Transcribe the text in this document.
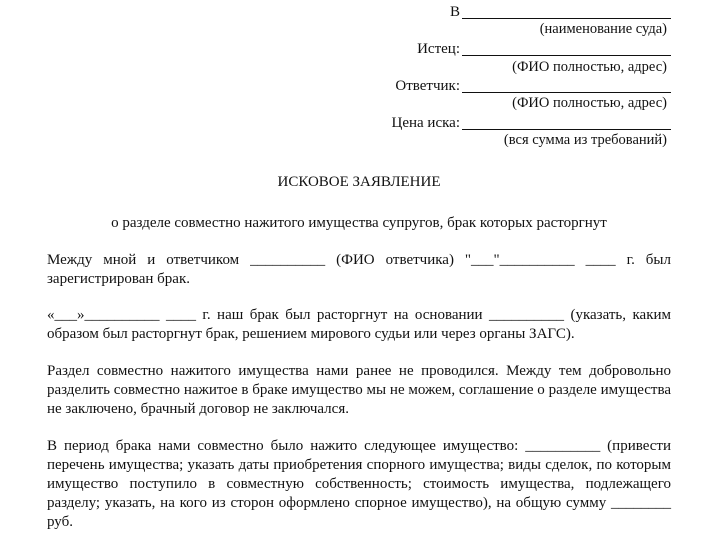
В
(наименование суда)
Истец:
(ФИО полностью, адрес)
Ответчик:
(ФИО полностью, адрес)
Цена иска:
(вся сумма из требований)
ИСКОВОЕ ЗАЯВЛЕНИЕ
о разделе совместно нажитого имущества супругов, брак которых расторгнут

Между мной и ответчиком __________ (ФИО ответчика) "___"__________ ____ г. был зарегистрирован брак.

«___»__________ ____ г. наш брак был расторгнут на основании __________ (указать, каким образом был расторгнут брак, решением мирового судьи или через органы ЗАГС).

Раздел совместно нажитого имущества нами ранее не проводился. Между тем добровольно разделить совместно нажитое в браке имущество мы не можем, соглашение о разделе имущества не заключено, брачный договор не заключался.

В период брака нами совместно было нажито следующее имущество: __________ (привести перечень имущества; указать даты приобретения спорного имущества; виды сделок, по которым имущество поступило в совместную собственность; стоимость имущества, подлежащего разделу; указать, на кого из сторон оформлено спорное имущество), на общую сумму ________ руб.
